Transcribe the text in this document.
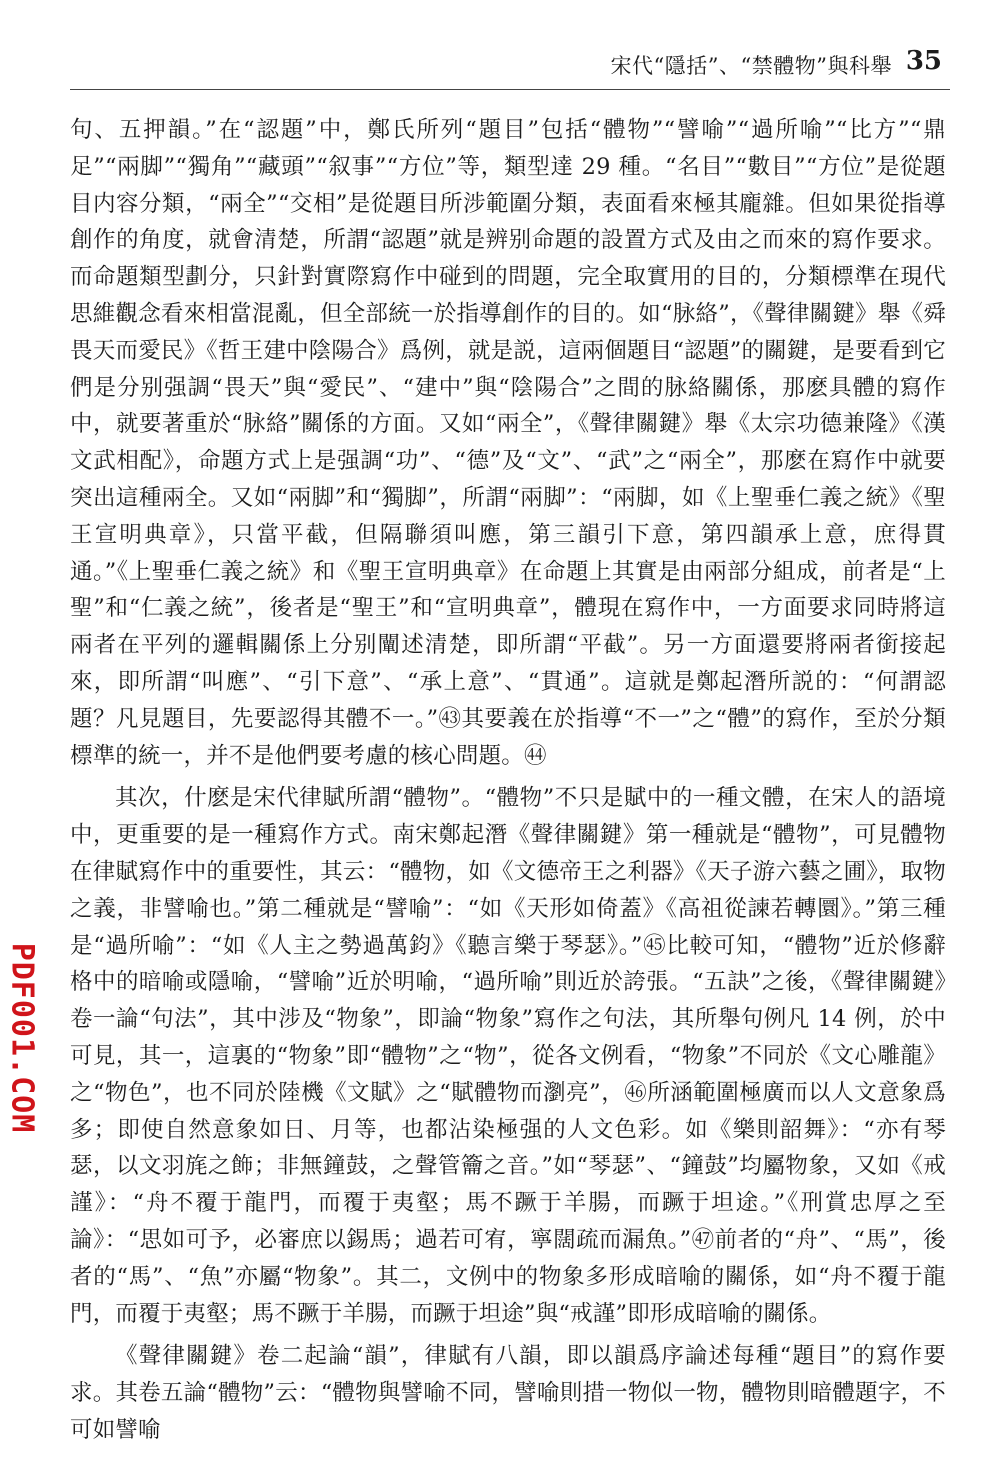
宋代“隱括”、“禁體物”與科舉 35

句、五押韻。”在“認題”中，鄭氏所列“題目”包括“體物”“譬喻”“過所喻”“比方”“鼎足”“兩脚”“獨角”“藏頭”“叙事”“方位”等，類型達 29 種。“名目”“數目”“方位”是從題目内容分類，“兩全”“交相”是從題目所涉範圍分類，表面看來極其龐雜。但如果從指導創作的角度，就會清楚，所謂“認題”就是辨别命題的設置方式及由之而來的寫作要求。而命題類型劃分，只針對實際寫作中碰到的問題，完全取實用的目的，分類標準在現代思維觀念看來相當混亂，但全部統一於指導創作的目的。如“脉絡”，《聲律關鍵》舉《舜畏天而愛民》《哲王建中陰陽合》爲例，就是説，這兩個題目“認題”的關鍵，是要看到它們是分别强調“畏天”與“愛民”、“建中”與“陰陽合”之間的脉絡關係，那麽具體的寫作中，就要著重於“脉絡”關係的方面。又如“兩全”，《聲律關鍵》舉《太宗功德兼隆》《漢文武相配》，命題方式上是强調“功”、“德”及“文”、“武”之“兩全”，那麽在寫作中就要突出這種兩全。又如“兩脚”和“獨脚”，所謂“兩脚”：“兩脚，如《上聖垂仁義之統》《聖王宣明典章》，只當平截，但隔聯須叫應，第三韻引下意，第四韻承上意，庶得貫通。”《上聖垂仁義之統》和《聖王宣明典章》在命題上其實是由兩部分組成，前者是“上聖”和“仁義之統”，後者是“聖王”和“宣明典章”，體現在寫作中，一方面要求同時將這兩者在平列的邏輯關係上分别闡述清楚，即所謂“平截”。另一方面還要將兩者銜接起來，即所謂“叫應”、“引下意”、“承上意”、“貫通”。這就是鄭起潛所説的：“何謂認題？凡見題目，先要認得其體不一。”㊸其要義在於指導“不一”之“體”的寫作，至於分類標準的統一，并不是他們要考慮的核心問題。㊹

其次，什麽是宋代律賦所謂“體物”。“體物”不只是賦中的一種文體，在宋人的語境中，更重要的是一種寫作方式。南宋鄭起潛《聲律關鍵》第一種就是“體物”，可見體物在律賦寫作中的重要性，其云：“體物，如《文德帝王之利器》《天子游六藝之圃》，取物之義，非譬喻也。”第二種就是“譬喻”：“如《天形如倚蓋》《高祖從諫若轉圜》。”第三種是“過所喻”：“如《人主之勢過萬鈞》《聽言樂于琴瑟》。”㊺比較可知，“體物”近於修辭格中的暗喻或隱喻，“譬喻”近於明喻，“過所喻”則近於誇張。“五訣”之後，《聲律關鍵》卷一論“句法”，其中涉及“物象”，即論“物象”寫作之句法，其所舉句例凡 14 例，於中可見，其一，這裏的“物象”即“體物”之“物”，從各文例看，“物象”不同於《文心雕龍》之“物色”，也不同於陸機《文賦》之“賦體物而瀏亮”，㊻所涵範圍極廣而以人文意象爲多；即使自然意象如日、月等，也都沾染極强的人文色彩。如《樂則韶舞》：“亦有琴瑟，以文羽旄之飾；非無鐘鼓，之聲管籥之音。”如“琴瑟”、“鐘鼓”均屬物象，又如《戒謹》：“舟不覆于龍門，而覆于夷壑；馬不蹶于羊腸，而蹶于坦途。”《刑賞忠厚之至論》：“思如可予，必審庶以錫馬；過若可宥，寧闊疏而漏魚。”㊼前者的“舟”、“馬”，後者的“馬”、“魚”亦屬“物象”。其二，文例中的物象多形成暗喻的關係，如“舟不覆于龍門，而覆于夷壑；馬不蹶于羊腸，而蹶于坦途”與“戒謹”即形成暗喻的關係。

《聲律關鍵》卷二起論“韻”，律賦有八韻，即以韻爲序論述每種“題目”的寫作要求。其卷五論“體物”云：“體物與譬喻不同，譬喻則措一物似一物，體物則暗體題字，不可如譬喻

PDF001.COM
